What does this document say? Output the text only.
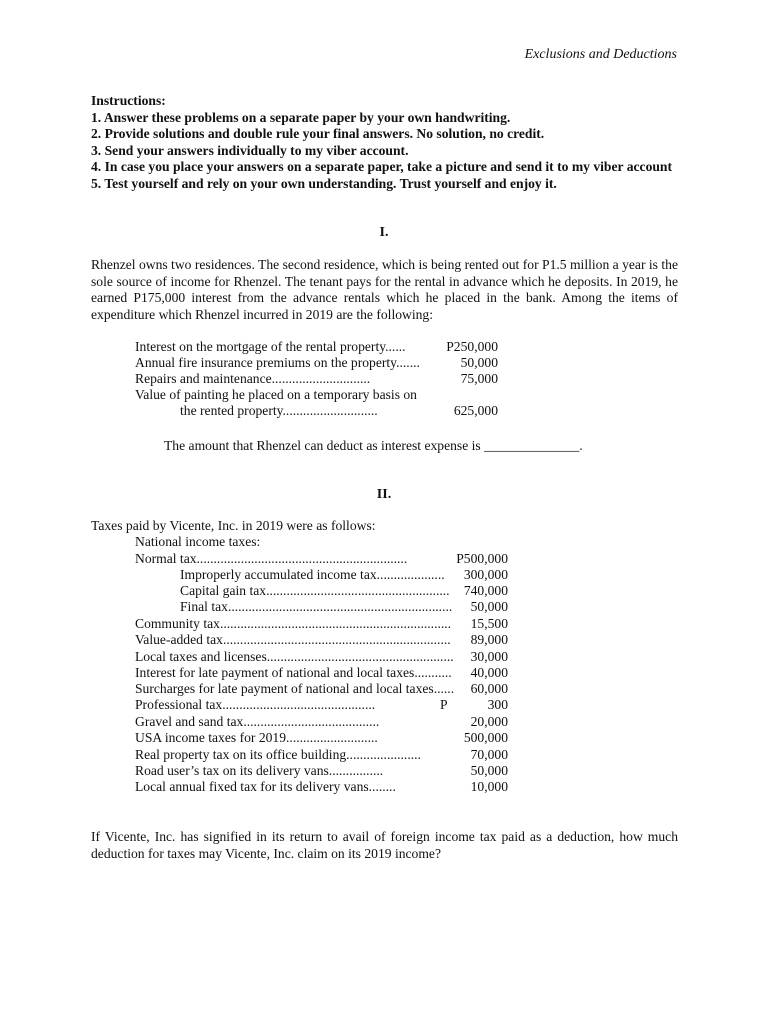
Exclusions and Deductions
Instructions:
1. Answer these problems on a separate paper by your own handwriting.
2. Provide solutions and double rule your final answers. No solution, no credit.
3. Send your answers individually to my viber account.
4. In case you place your answers on a separate paper, take a picture and send it to my viber account
5. Test yourself and rely on your own understanding. Trust yourself and enjoy it.
I.
Rhenzel owns two residences. The second residence, which is being rented out for P1.5 million a year is the sole source of income for Rhenzel. The tenant pays for the rental in advance which he deposits. In 2019, he earned P175,000 interest from the advance rentals which he placed in the bank. Among the items of expenditure which Rhenzel incurred in 2019 are the following:
Interest on the mortgage of the rental property......	P250,000
Annual fire insurance premiums on the property.......	50,000
Repairs and maintenance.............................	75,000
Value of painting he placed on a temporary basis on
the rented property............................	625,000
The amount that Rhenzel can deduct as interest expense is ______________.
II.
Taxes paid by Vicente, Inc. in 2019 were as follows:
National income taxes:
Normal tax..............................................................	P500,000
Improperly accumulated income tax.................... 300,000
Capital gain tax...................................................... 740,000
Final tax.................................................................. 50,000
Community tax.................................................................... 15,500
Value-added tax................................................................... 89,000
Local taxes and licenses....................................................... 30,000
Interest for late payment of national and local taxes........... 40,000
Surcharges for late payment of national and local taxes...... 60,000
Professional tax.............................................	P	300
Gravel and sand tax........................................	20,000
USA income taxes for 2019...........................	500,000
Real property tax on its office building......................	70,000
Road user’s tax on its delivery vans................	50,000
Local annual fixed tax for its delivery vans........	10,000
If Vicente, Inc. has signified in its return to avail of foreign income tax paid as a deduction, how much deduction for taxes may Vicente, Inc. claim on its 2019 income?
